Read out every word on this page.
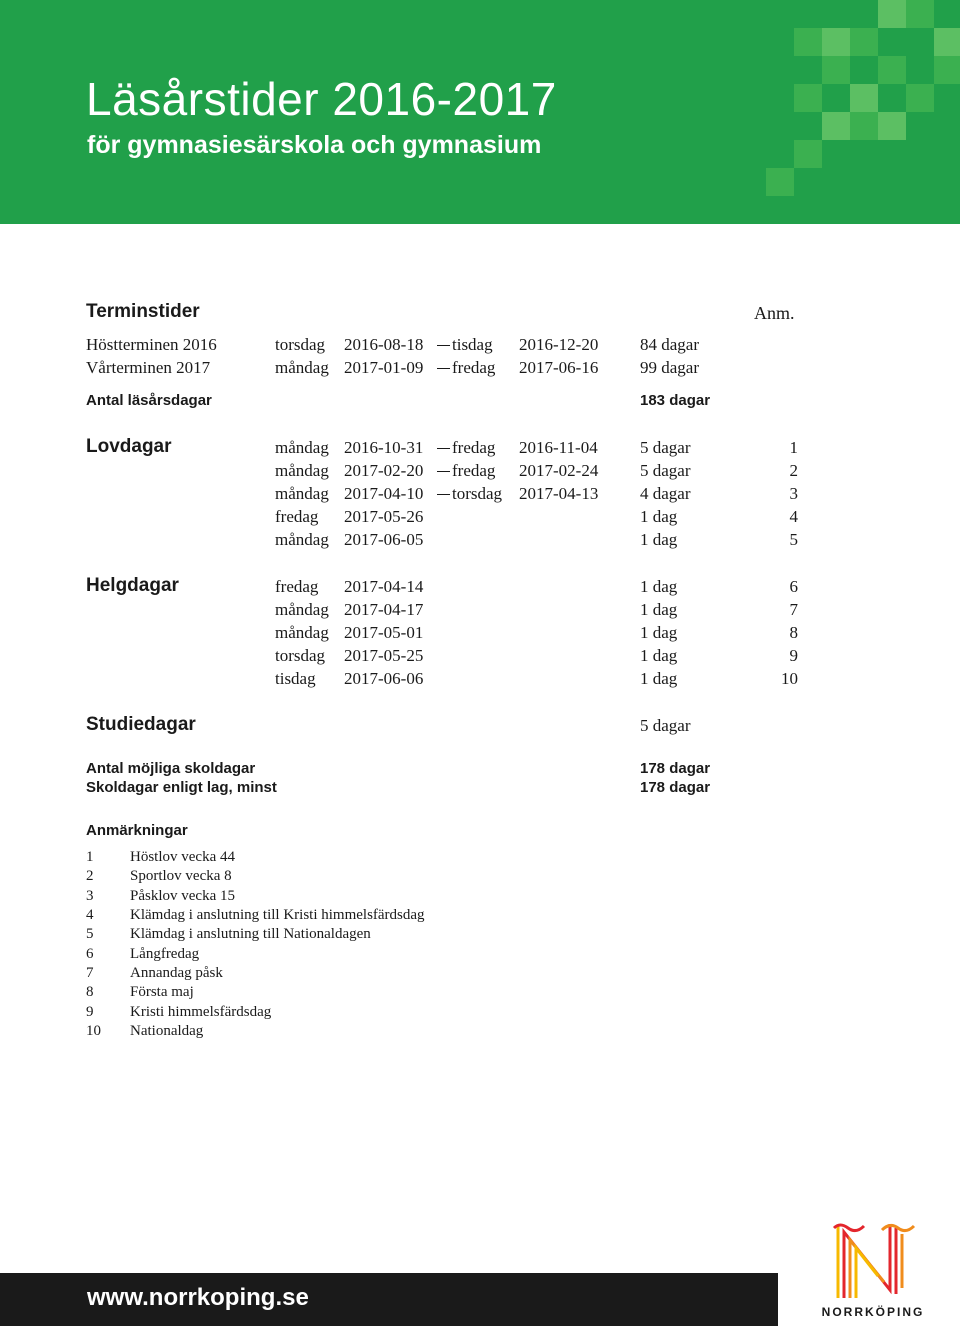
Läsårstider 2016-2017
för gymnasiesärskola och gymnasium
Terminstider	Anm.
Höstterminen 2016	torsdag 2016-08-18 tisdag 2016-12-20 84 dagar
Vårterminen 2017	måndag 2017-01-09 fredag 2017-06-16 99 dagar
Antal läsårsdagar	183 dagar
Lovdagar	måndag 2016-10-31 fredag 2016-11-04 5 dagar	1
måndag 2017-02-20 fredag 2017-02-24 5 dagar	2
måndag 2017-04-10 torsdag 2017-04-13 4 dagar	3
fredag 2017-05-26	1 dag	4
måndag 2017-06-05	1 dag	5
Helgdagar	fredag 2017-04-14	1 dag	6
måndag 2017-04-17	1 dag	7
måndag 2017-05-01	1 dag	8
torsdag 2017-05-25	1 dag	9
tisdag 2017-06-06	1 dag	10
Studiedagar	5 dagar
Antal möjliga skoldagar	178 dagar
Skoldagar enligt lag, minst	178 dagar
Anmärkningar
1 Höstlov vecka 44
2 Sportlov vecka 8
3 Påsklov vecka 15
4 Klämdag i anslutning till Kristi himmelsfärdsdag
5 Klämdag i anslutning till Nationaldagen
6 Långfredag
7 Annandag påsk
8 Första maj
9 Kristi himmelsfärdsdag
10 Nationaldag
www.norrkoping.se
NORRKÖPING
